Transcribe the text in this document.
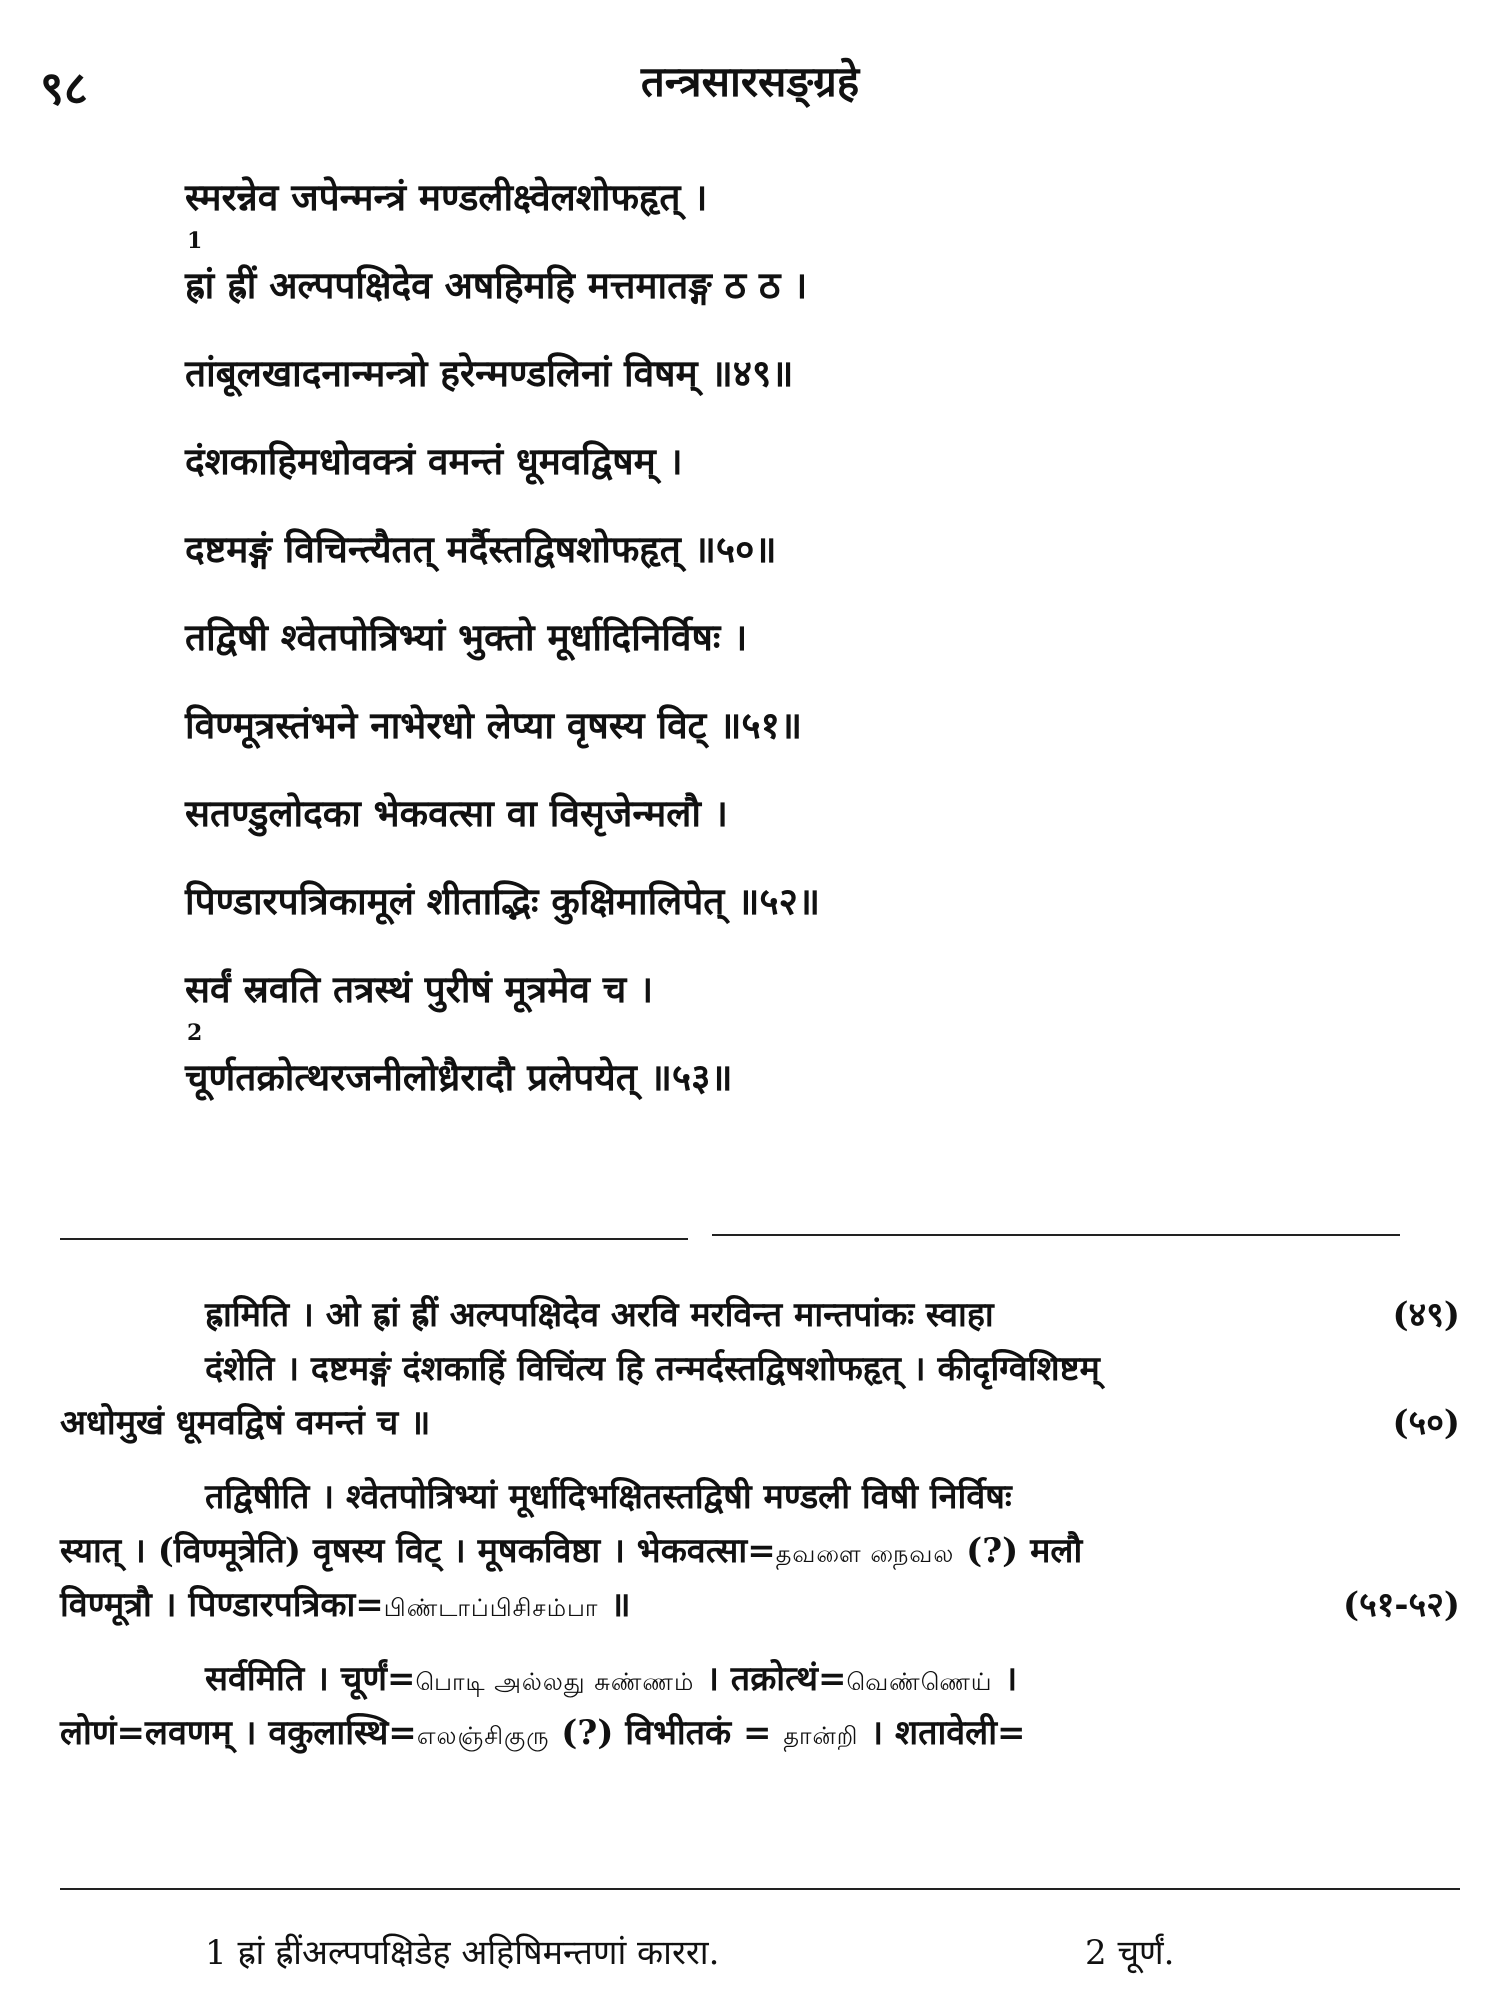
९८	तन्त्रसारसङ्ग्रहे
स्मरन्नेव जपेन्मन्त्रं मण्डलीक्ष्वेलशोफहृत् ।
1
ह्रां ह्रीं अल्पपक्षिदेव अषहिमहि मत्तमातङ्ग ठ ठ ।
तांबूलखादनान्मन्त्रो हरेन्मण्डलिनां विषम् ॥४९॥
दंशकाहिमधोवक्त्रं वमन्तं धूमवद्विषम् ।
दष्टमङ्गं विचिन्त्यैतत् मर्दैस्तद्विषशोफहृत् ॥५०॥
तद्विषी श्वेतपोत्रिभ्यां भुक्तो मूर्धादिनिर्विषः ।
विण्मूत्रस्तंभने नाभेरधो लेप्या वृषस्य विट् ॥५१॥
सतण्डुलोदका भेकवत्सा वा विसृजेन्मलौ ।
पिण्डारपत्रिकामूलं शीताद्भिः कुक्षिमालिपेत् ॥५२॥
सर्वं स्रवति तत्रस्थं पुरीषं मूत्रमेव च ।
2
चूर्णतक्रोत्थरजनीलोध्रैरादौ प्रलेपयेत् ॥५३॥
ह्रामिति । ओ ह्रां ह्रीं अल्पपक्षिदेव अरवि मरविन्त मान्तपांकः स्वाहा	(४९)
दंशेति । दष्टमङ्गं दंशकाहिं विचिंत्य हि तन्मर्दस्तद्विषशोफहृत् । कीदृग्विशिष्टम्
अधोमुखं धूमवद्विषं वमन्तं च ॥	(५०)
तद्विषीति । श्वेतपोत्रिभ्यां मूर्धादिभक्षितस्तद्विषी मण्डली विषी निर्विषः
स्यात् । (विण्मूत्रेति) वृषस्य विट् । मूषकविष्ठा । भेकवत्सा=தவளை நைவல (?) मलौ
विण्मूत्रौ । पिण्डारपत्रिका=பிண்டாப்பிசிசம்பா ॥	(५१-५२)
सर्वमिति । चूर्णं=பொடி அல்லது சுண்ணம் । तक्रोत्थं=வெண்ணெய் ।
लोणं=लवणम् । वकुलास्थि=எலஞ்சிகுரு (?) विभीतकं = தான்றி । शतावेली=
1 ह्रां ह्रींअल्पपक्षिडेह अहिषिमन्तणां काररा.	2 चूर्णं.
